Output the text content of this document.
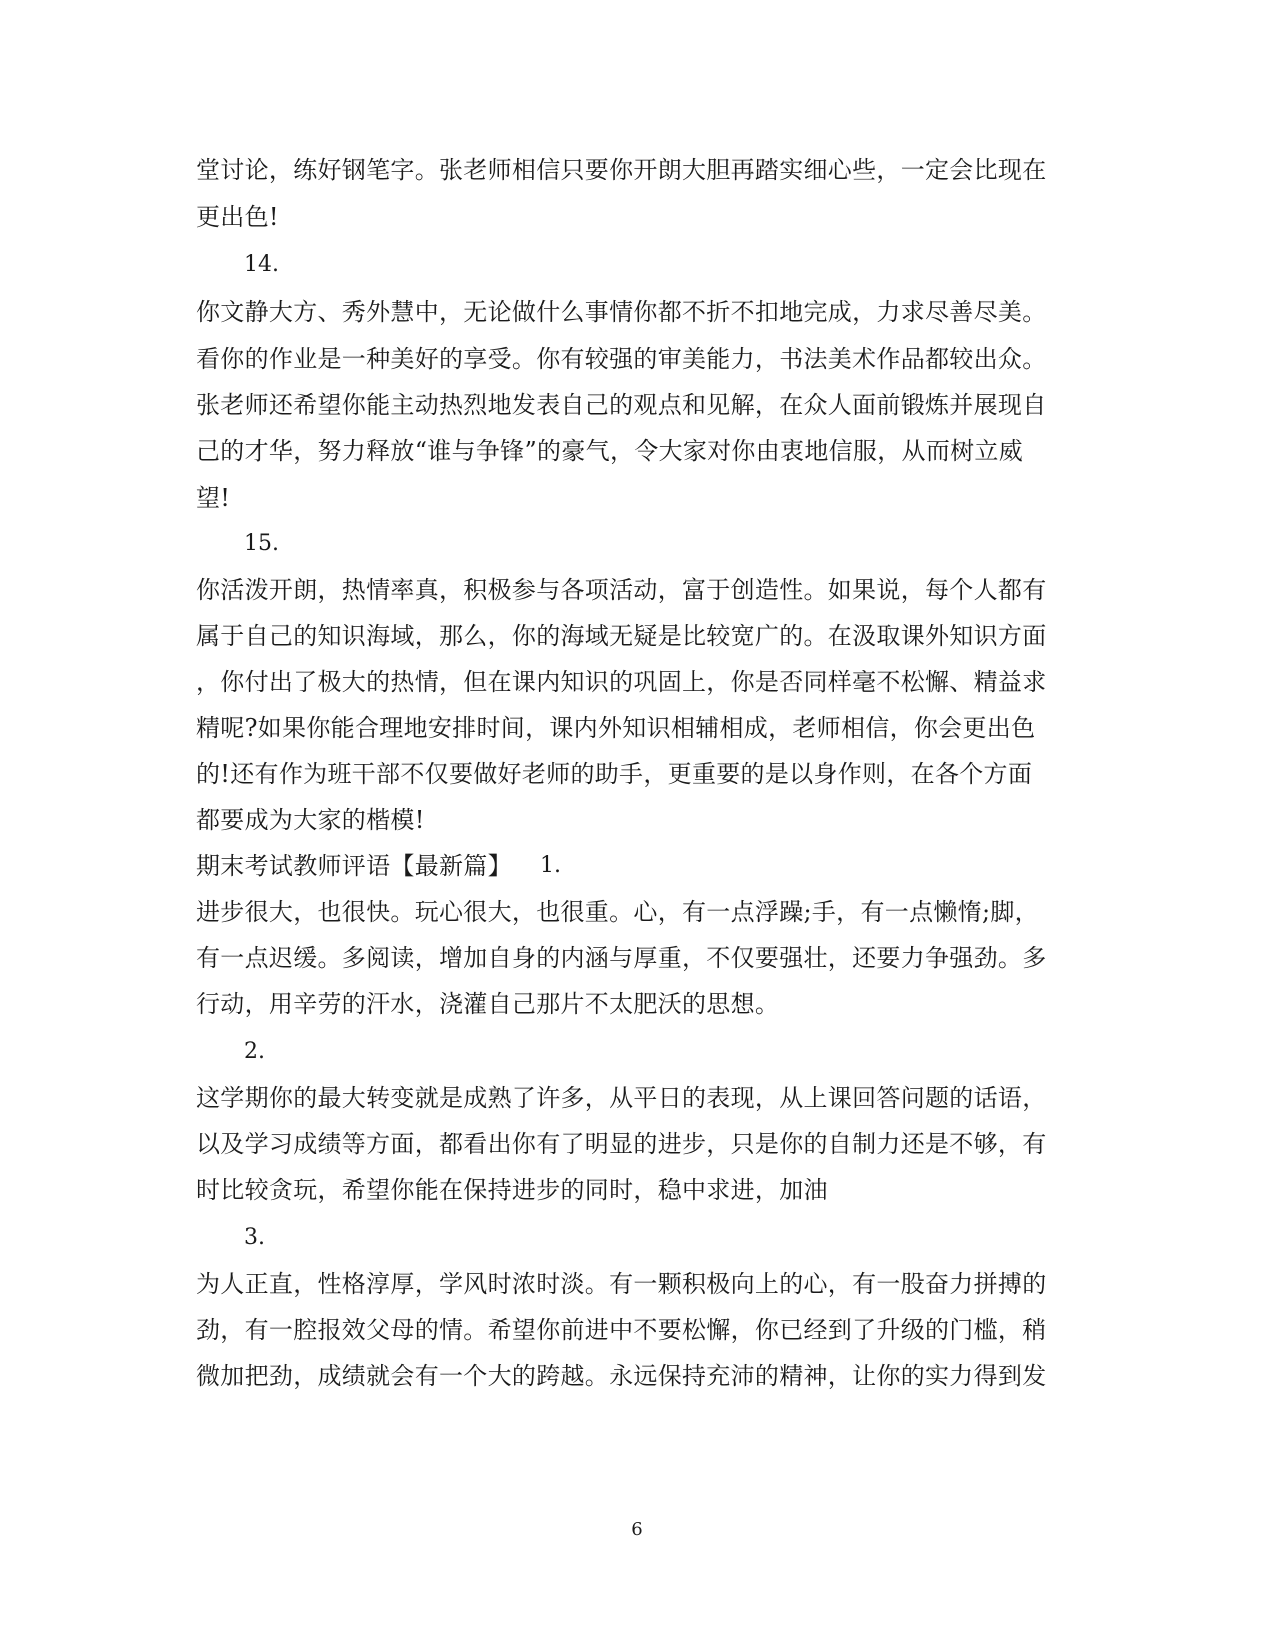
堂讨论，练好钢笔字。张老师相信只要你开朗大胆再踏实细心些，一定会比现在
更出色!
14.
你文静大方、秀外慧中，无论做什么事情你都不折不扣地完成，力求尽善尽美。
看你的作业是一种美好的享受。你有较强的审美能力，书法美术作品都较出众。
张老师还希望你能主动热烈地发表自己的观点和见解，在众人面前锻炼并展现自
己的才华，努力释放“谁与争锋”的豪气，令大家对你由衷地信服，从而树立威
望!
15.
你活泼开朗，热情率真，积极参与各项活动，富于创造性。如果说，每个人都有
属于自己的知识海域，那么，你的海域无疑是比较宽广的。在汲取课外知识方面
，你付出了极大的热情，但在课内知识的巩固上，你是否同样毫不松懈、精益求
精呢?如果你能合理地安排时间，课内外知识相辅相成，老师相信，你会更出色
的!还有作为班干部不仅要做好老师的助手，更重要的是以身作则，在各个方面
都要成为大家的楷模!
期末考试教师评语【最新篇】 1.
进步很大，也很快。玩心很大，也很重。心，有一点浮躁;手，有一点懒惰;脚，
有一点迟缓。多阅读，增加自身的内涵与厚重，不仅要强壮，还要力争强劲。多
行动，用辛劳的汗水，浇灌自己那片不太肥沃的思想。
2.
这学期你的最大转变就是成熟了许多，从平日的表现，从上课回答问题的话语，
以及学习成绩等方面，都看出你有了明显的进步，只是你的自制力还是不够，有
时比较贪玩，希望你能在保持进步的同时，稳中求进，加油
3.
为人正直，性格淳厚，学风时浓时淡。有一颗积极向上的心，有一股奋力拼搏的
劲，有一腔报效父母的情。希望你前进中不要松懈，你已经到了升级的门槛，稍
微加把劲，成绩就会有一个大的跨越。永远保持充沛的精神，让你的实力得到发
6
